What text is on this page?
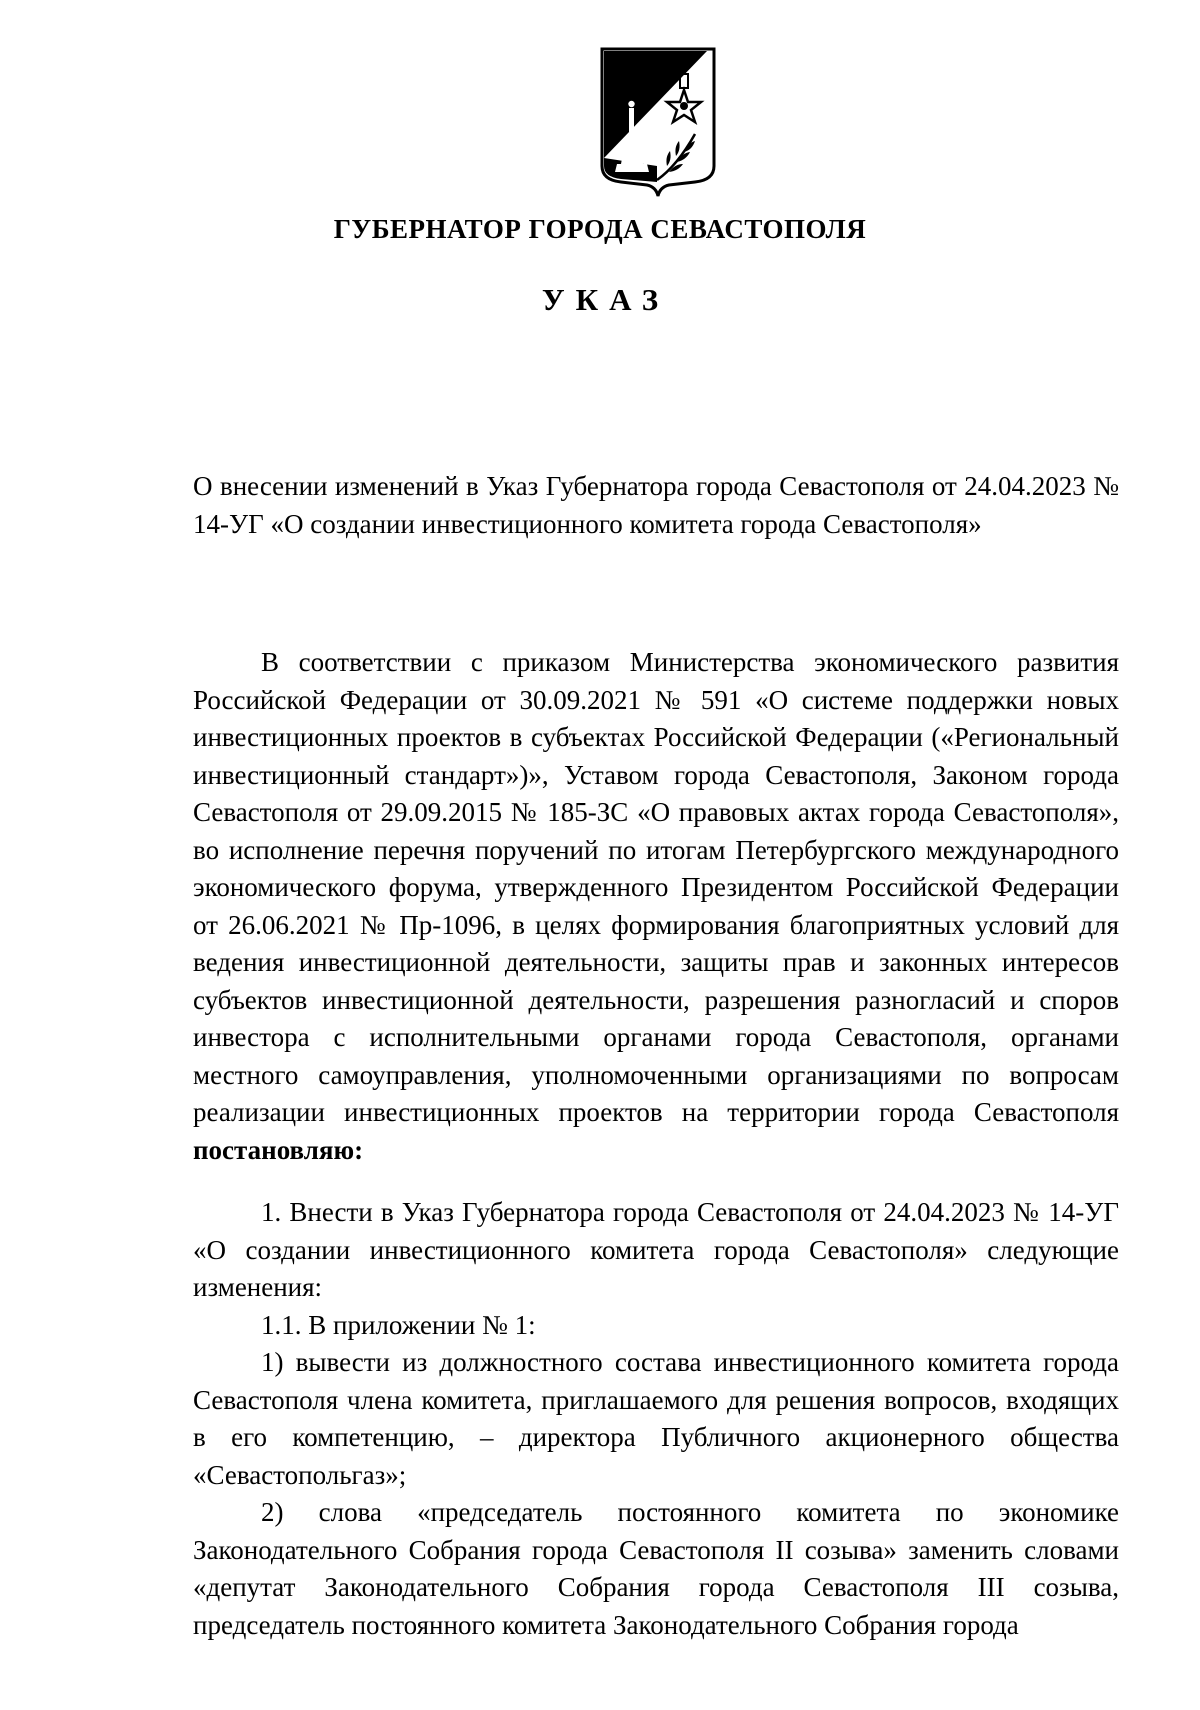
ГУБЕРНАТОР ГОРОДА СЕВАСТОПОЛЯ
УКАЗ

О внесении изменений в Указ Губернатора города Севастополя от 24.04.2023 № 14-УГ «О создании инвестиционного комитета города Севастополя»

В соответствии с приказом Министерства экономического развития Российской Федерации от 30.09.2021 № 591 «О системе поддержки новых инвестиционных проектов в субъектах Российской Федерации («Региональный инвестиционный стандарт»)», Уставом города Севастополя, Законом города Севастополя от 29.09.2015 № 185-ЗС «О правовых актах города Севастополя», во исполнение перечня поручений по итогам Петербургского международного экономического форума, утвержденного Президентом Российской Федерации от 26.06.2021 № Пр-1096, в целях формирования благоприятных условий для ведения инвестиционной деятельности, защиты прав и законных интересов субъектов инвестиционной деятельности, разрешения разногласий и споров инвестора с исполнительными органами города Севастополя, органами местного самоуправления, уполномоченными организациями по вопросам реализации инвестиционных проектов на территории города Севастополя постановляю:

1. Внести в Указ Губернатора города Севастополя от 24.04.2023 № 14-УГ «О создании инвестиционного комитета города Севастополя» следующие изменения:

1.1. В приложении № 1:

1) вывести из должностного состава инвестиционного комитета города Севастополя члена комитета, приглашаемого для решения вопросов, входящих в его компетенцию, – директора Публичного акционерного общества «Севастопольгаз»;

2) слова «председатель постоянного комитета по экономике Законодательного Собрания города Севастополя II созыва» заменить словами «депутат Законодательного Собрания города Севастополя III созыва, председатель постоянного комитета Законодательного Собрания города
